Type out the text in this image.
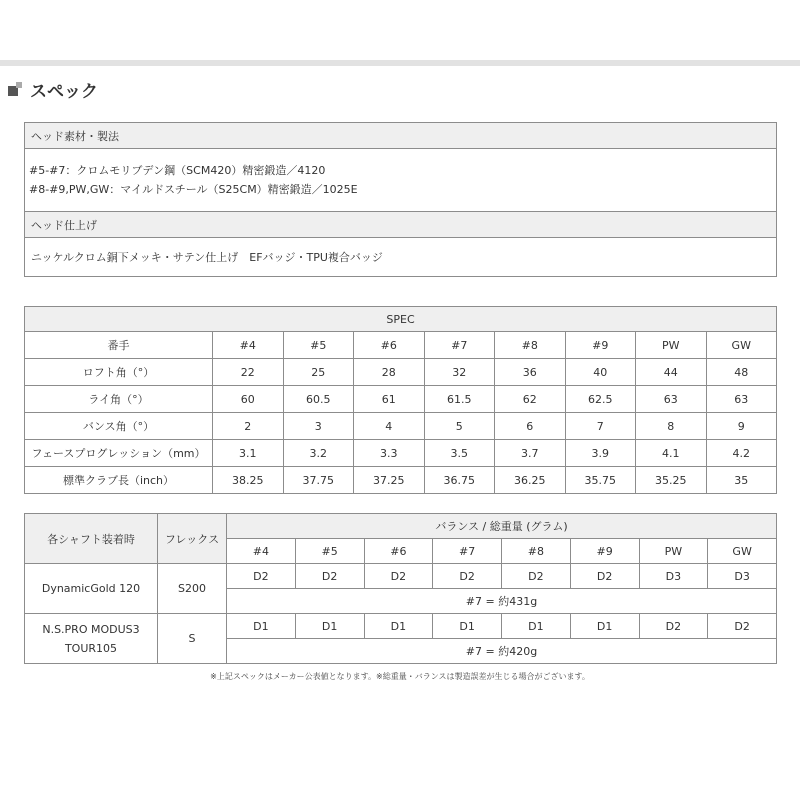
スペック
ヘッド素材・製法

#5-#7：クロムモリブデン鋼（SCM420）精密鍛造／4120
#8-#9,PW,GW：マイルドスチール（S25CM）精密鍛造／1025E

ヘッド仕上げ
ニッケルクロム銅下メッキ・サテン仕上げ　EFバッジ・TPU複合バッジ
SPEC								
番手	#4	#5	#6	#7	#8	#9	PW	GW
ロフト角（°）	22	25	28	32	36	40	44	48
ライ角（°）	60	60.5	61	61.5	62	62.5	63	63
バンス角（°）	2	3	4	5	6	7	8	9
フェースプログレッション（mm）	3.1	3.2	3.3	3.5	3.7	3.9	4.1	4.2
標準クラブ長（inch）	38.25	37.75	37.25	36.75	36.25	35.75	35.25	35
各シャフト装着時	フレックス	バランス / 総重量 (グラム)							
		#4	#5	#6	#7	#8	#9	PW	GW

DynamicGold 120	S200	D2	D2	D2	D2	D2	D2	D3	D3
		#7 = 約431g							

N.S.PRO MODUS3
TOUR105	S	D1	D1	D1	D1	D1	D1	D2	D2
		#7 = 約420g							
※上記スペックはメーカー公表値となります。※総重量・バランスは製造誤差が生じる場合がございます。
